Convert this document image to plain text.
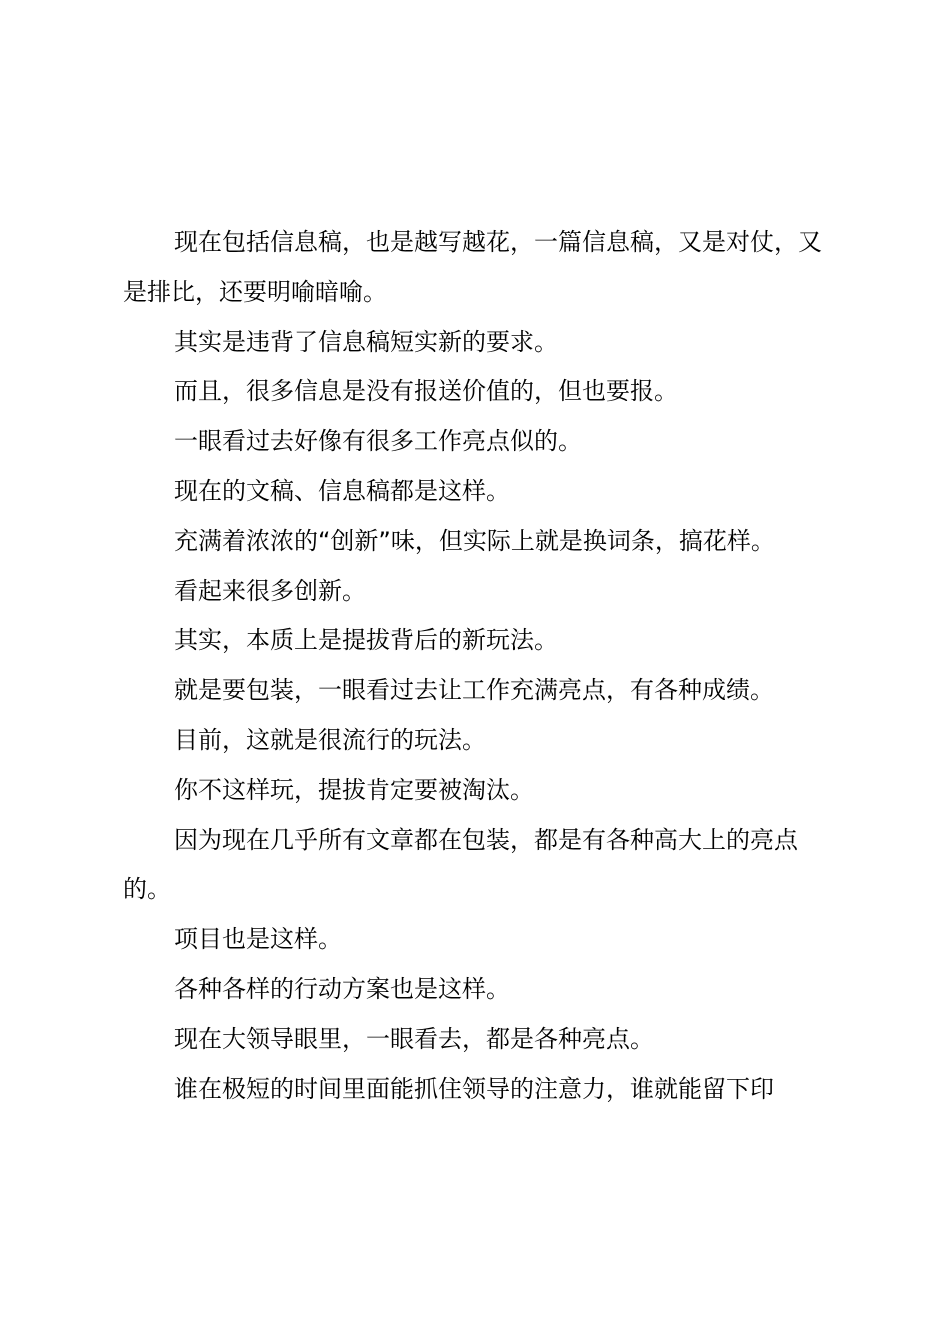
现在包括信息稿，也是越写越花，一篇信息稿，又是对仗，又是排比，还要明喻暗喻。

其实是违背了信息稿短实新的要求。

而且，很多信息是没有报送价值的，但也要报。

一眼看过去好像有很多工作亮点似的。

现在的文稿、信息稿都是这样。

充满着浓浓的“创新”味，但实际上就是换词条，搞花样。

看起来很多创新。

其实，本质上是提拔背后的新玩法。

就是要包装，一眼看过去让工作充满亮点，有各种成绩。

目前，这就是很流行的玩法。

你不这样玩，提拔肯定要被淘汰。

因为现在几乎所有文章都在包装，都是有各种高大上的亮点的。

项目也是这样。

各种各样的行动方案也是这样。

现在大领导眼里，一眼看去，都是各种亮点。

谁在极短的时间里面能抓住领导的注意力，谁就能留下印
